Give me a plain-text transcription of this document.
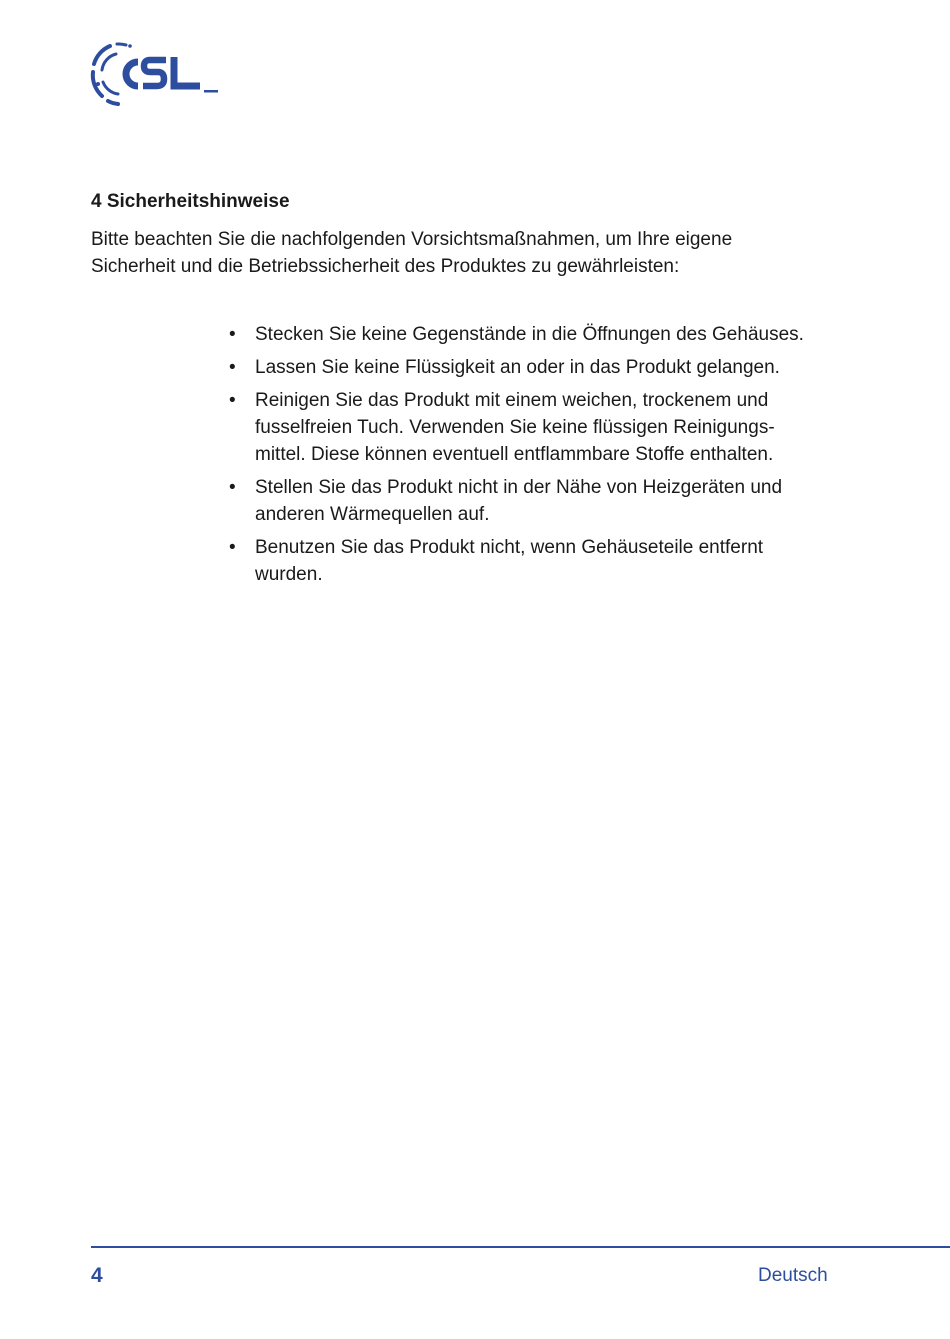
4 Sicherheitshinweise

Bitte beachten Sie die nachfolgenden Vorsichtsmaßnahmen, um Ihre eigene
Sicherheit und die Betriebssicherheit des Produktes zu gewährleisten:

• Stecken Sie keine Gegenstände in die Öffnungen des Gehäuses.
• Lassen Sie keine Flüssigkeit an oder in das Produkt gelangen.
• Reinigen Sie das Produkt mit einem weichen, trockenem und
fusselfreien Tuch. Verwenden Sie keine flüssigen Reinigungs-
mittel. Diese können eventuell entflammbare Stoffe enthalten.
• Stellen Sie das Produkt nicht in der Nähe von Heizgeräten und
anderen Wärmequellen auf.
• Benutzen Sie das Produkt nicht, wenn Gehäuseteile entfernt
wurden.
4	Deutsch
